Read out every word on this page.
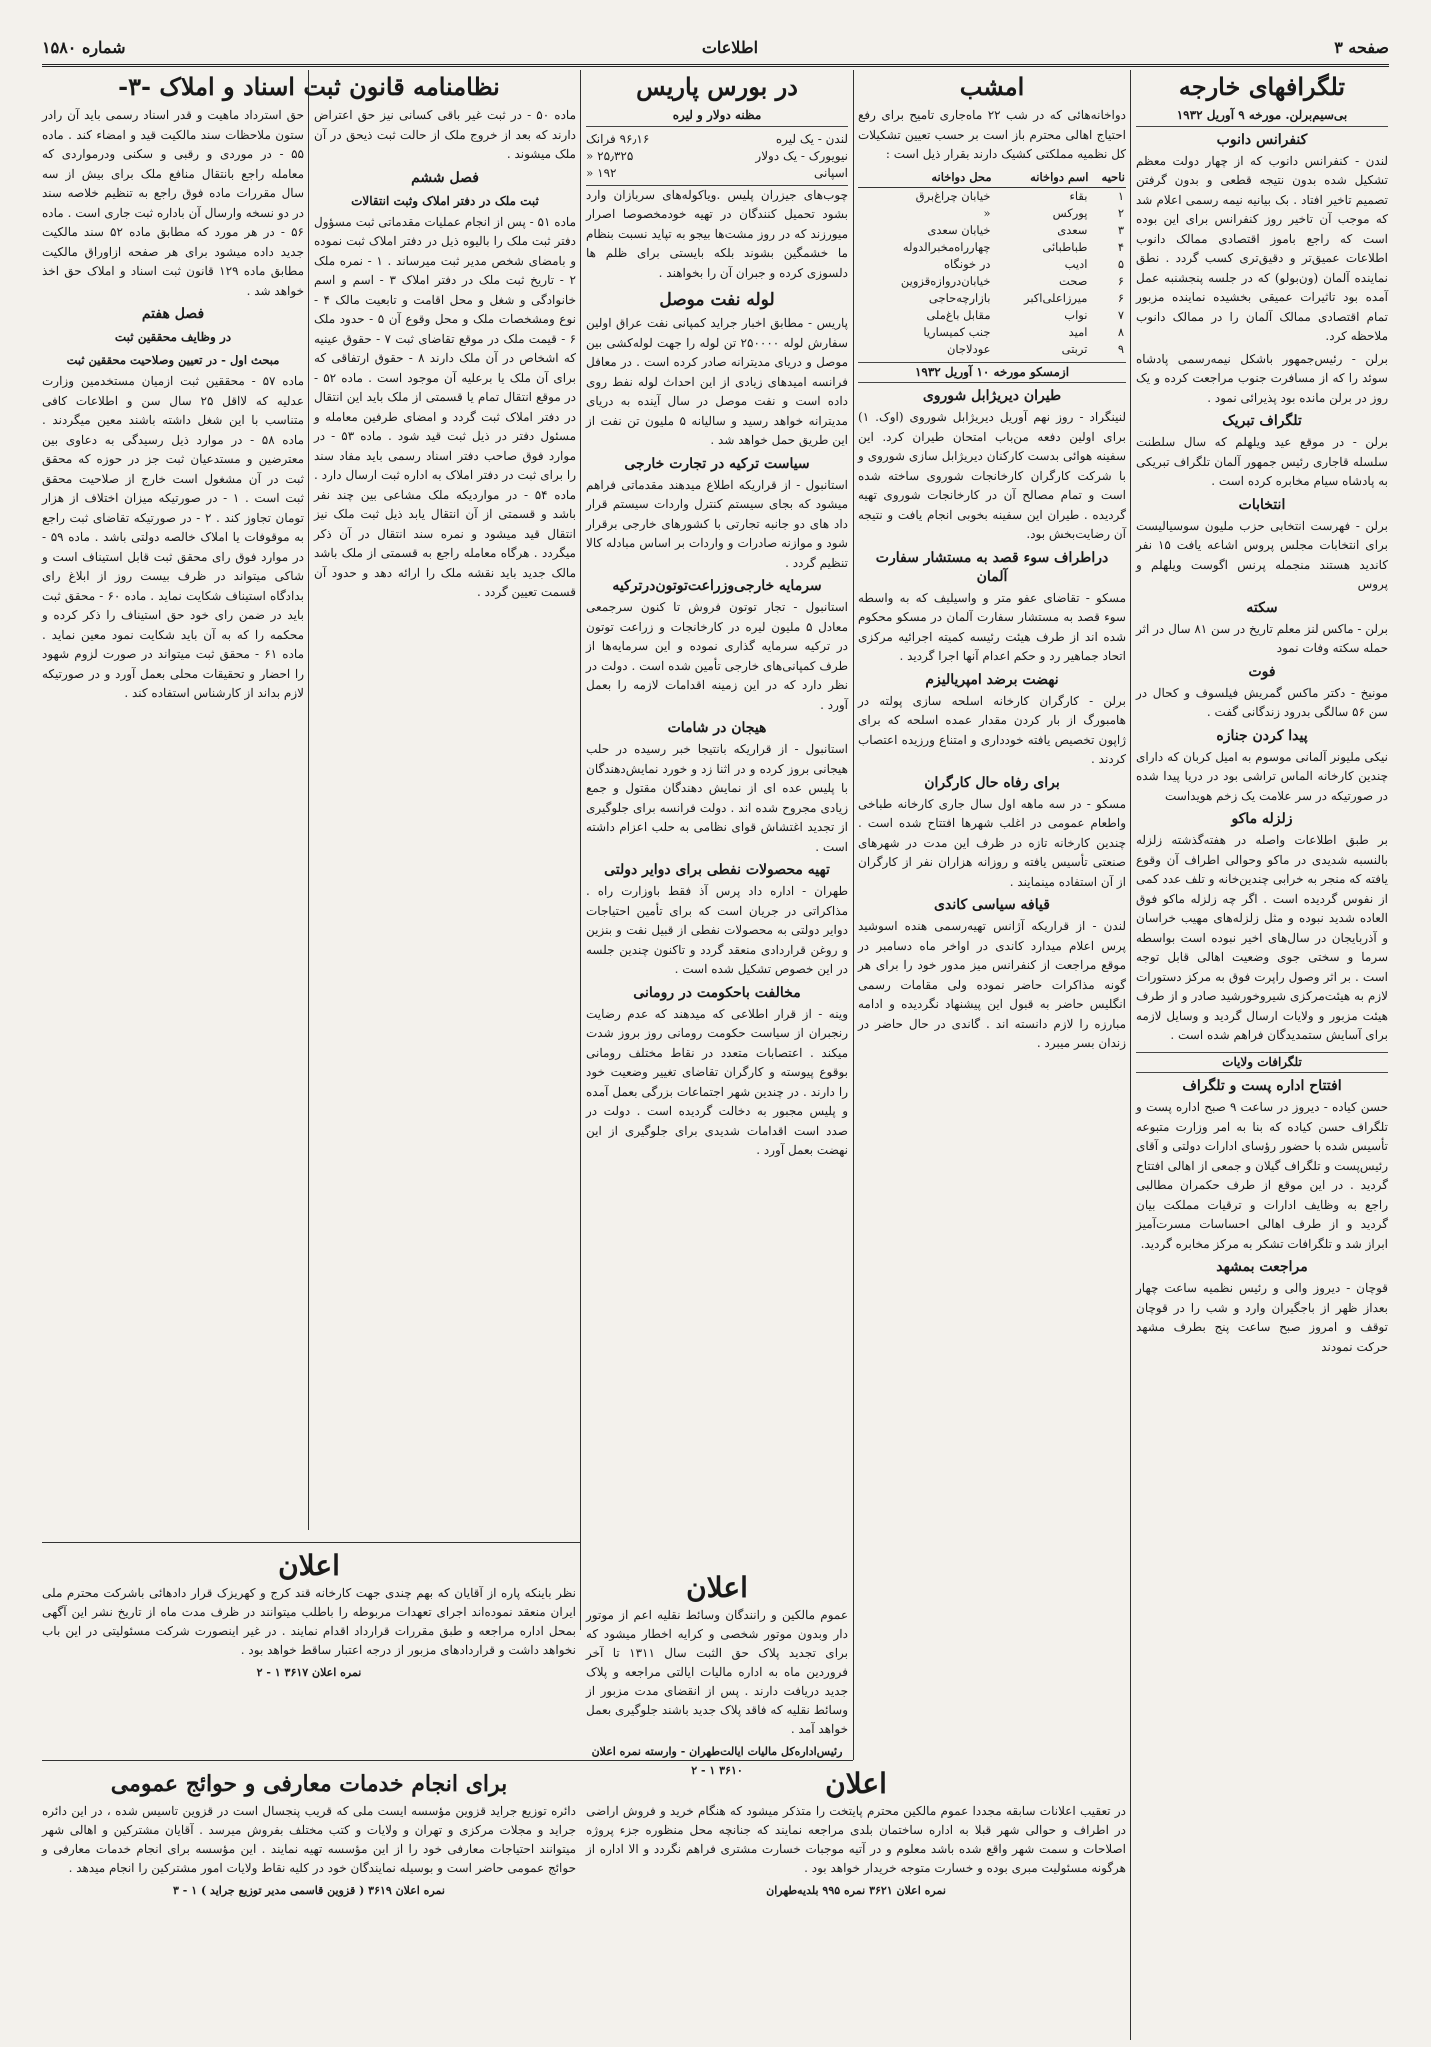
صفحه ۳
اطلاعات
شماره ۱۵۸۰
تلگرافهای خارجه
بی‌سیم‌برلن. مورخه ۹ آوریل ۱۹۳۲
کنفرانس دانوب

لندن - کنفرانس دانوب که از چهار دولت معظم تشکیل شده بدون نتیجه قطعی و بدون گرفتن تصمیم تاخیر افتاد . بک بیانیه نیمه رسمی اعلام شد که موجب آن تاخیر روز کنفرانس برای این بوده است که راجع باموز اقتصادی ممالک دانوب اطلاعات عمیق‌تر و دقیق‌تری کسب گردد . نطق نماینده آلمان (ون‌بولو) که در جلسه پنجشنبه عمل آمده بود تاثیرات عمیقی بخشیده نماینده مزبور تمام اقتصادی ممالک آلمان را در ممالک دانوب ملاحظه کرد.

برلن - رئیس‌جمهور باشکل نیمه‌رسمی پادشاه سوئد را که از مسافرت جنوب مراجعت کرده و یک روز در برلن مانده بود پذیرائی نمود .

تلگراف تبریک

برلن - در موقع عید ویلهلم که سال سلطنت سلسله قاجاری رئیس جمهور آلمان تلگراف تبریکی به پادشاه سیام مخابره کرده است .

انتخابات

برلن - فهرست انتخابی حزب ملیون سوسیالیست برای انتخابات مجلس پروس اشاعه یافت ۱۵ نفر کاندید هستند منجمله پرنس اگوست ویلهلم و پروس

سکته

برلن - ماکس لنز معلم تاریخ در سن ۸۱ سال در اثر حمله سکته وفات نمود

فوت

مونیخ - دکتر ماکس گمریش فیلسوف و کحال در سن ۵۶ سالگی بدرود زندگانی گفت .

پیدا کردن جنازه

نیکی ملیونر آلمانی موسوم به امیل کربان که دارای چندین کارخانه الماس تراشی بود در دریا پیدا شده در صورتیکه در سر علامت یک زخم هویداست

زلزله ماکو

بر طبق اطلاعات واصله در هفته‌گذشته زلزله بالنسبه شدیدی در ماکو وحوالی اطراف آن وقوع یافته که منجر به خرابی چندین‌خانه و تلف عدد کمی از نفوس گردیده است . اگر چه زلزله ماکو فوق العاده شدید نبوده و مثل زلزله‌های مهیب خراسان و آذربایجان در سال‌های اخیر نبوده است بواسطه سرما و سختی جوی وضعیت اهالی قابل توجه است . بر اثر وصول راپرت فوق به مرکز دستورات لازم به هیئت‌مرکزی شیرو‌خورشید صادر و از طرف هیئت مزبور و ولایات ارسال گردید و وسایل لازمه برای آسایش ستمدیدگان فراهم شده است .

تلگرافات ولایات
افتتاح اداره پست و تلگراف

حسن کیاده - دیروز در ساعت ۹ صبح اداره پست و تلگراف حسن کیاده که بنا به امر وزارت متبوعه تأسیس شده با حضور رؤسای ادارات دولتی و آقای رئیس‌پست و تلگراف گیلان و جمعی از اهالی افتتاح گردید . در این موقع از طرف حکمران مطالبی راجع به وظایف ادارات و ترقیات مملکت بیان گردید و از طرف اهالی احساسات مسرت‌آمیز ابراز شد و تلگرافات تشکر به مرکز مخابره گردید.

مراجعت بمشهد

قوچان - دیروز والی و رئیس نظمیه ساعت چهار بعداز ظهر از باجگیران وارد و شب را در قوچان توقف و امروز صبح ساعت پنج بطرف مشهد حرکت نمودند

امشب

دواخانه‌هائی که در شب ۲۲ ماه‌جاری تامیح برای رفع احتیاج اهالی محترم باز است بر حسب تعیین تشکیلات کل نظمیه مملکتی کشیک دارند بقرار ذیل است :

ناحیه	اسم دواخانه	محل دواخانه
۱	بقاء	خیابان چراغ‌برق
۲	پورکس	«
۳	سعدی	خیابان سعدی
۴	طباطبائی	چهارراه‌مخبرالدوله
۵	ادیب	در خونگاه
۶	صحت	خیابان‌دروازه‌قزوین
۶	میرزاعلی‌اکبر	بازارچه‌حاجی
۷	نواب	مقابل باغ‌ملی
۸	امید	جنب کمیساریا
۹	تربتی	عودلاجان
ازمسکو مورخه ۱۰ آوریل ۱۹۳۲
طیران دیریژابل شوروی

لنینگراد - روز نهم آوریل دیریژابل شوروی (اوک. ۱) برای اولین دفعه من‌باب امتحان طیران کرد. این سفینه هوائی بدست کارکنان دیریژابل سازی شوروی و با شرکت کارگران کارخانجات شوروی ساخته شده است و تمام مصالح آن در کارخانجات شوروی تهیه گردیده . طیران این سفینه بخوبی انجام یافت و نتیجه آن رضایت‌بخش بود.

دراطراف سوء قصد به مستشار سفارت آلمان

مسکو - تقاضای عفو متر و واسیلیف که به واسطه سوء قصد به مستشار سفارت آلمان در مسکو محکوم شده اند از طرف هیئت رئیسه کمیته اجرائیه مرکزی اتحاد جماهیر رد و حکم اعدام آنها اجرا گردید .

نهضت برضد امپریالیزم

برلن - کارگران کارخانه اسلحه سازی پولته در هامبورگ از بار کردن مقدار عمده اسلحه که برای ژاپون تخصیص یافته خودداری و امتناع ورزیده اعتصاب کردند .

برای رفاه حال کارگران

مسکو - در سه ماهه اول سال جاری کارخانه طباخی واطعام عمومی در اغلب شهرها افتتاح شده است . چندین کارخانه تازه در ظرف این مدت در شهرهای صنعتی تأسیس یافته و روزانه هزاران نفر از کارگران از آن استفاده مینمایند .

قیافه سیاسی کاندی

لندن - از قراریکه آژانس تهیه‌رسمی هنده اسوشید پرس اعلام میدارد کاندی در اواخر ماه دسامبر در موقع مراجعت از کنفرانس میز مدور خود را برای هر گونه مذاکرات حاضر نموده ولی مقامات رسمی انگلیس حاضر به قبول این پیشنهاد نگردیده و ادامه مبارزه را لازم دانسته اند . گاندی در حال حاضر در زندان بسر میبرد .

در بورس پاریس
مظنه دولار و لیره
لندن - یک لیره
۹۶٫۱۶ فرانک
نیویورک - یک دولار
۲۵٫۳۲۵ «
اسپانی
۱۹۲ «

چوب‌های جیزران پلیس .ویاکوله‌های سربازان وارد بشود تحمیل کنندگان در تهیه خودمخصوصا اصرار میورزند که در روز مشت‌ها بیجو به تپاید نسبت بنظام ما خشمگین بشوند بلکه بایستی برای ظلم ها دلسوزی کرده و جبران آن را بخواهند .

لوله نفت موصل

پاریس - مطابق اخبار جراید کمپانی نفت عراق اولین سفارش لوله ۲۵۰۰۰۰ تن لوله را جهت لوله‌کشی بین موصل و دریای مدیترانه صادر کرده است . در معافل فرانسه امیدهای زیادی از این احداث لوله نفط روی‌ داده است و نفت موصل در سال آینده به دریای مدیترانه خواهد رسید و سالیانه ۵ ملیون تن نفت از این طریق حمل خواهد شد .

سیاست ترکیه در تجارت خارجی

استانبول - از قراریکه اطلاع میدهند مقدماتی فراهم میشود که بجای سیستم کنترل واردات سیستم قرار داد های دو جانبه تجارتی با کشورهای خارجی برقرار شود و موازنه صادرات و واردات بر اساس مبادله کالا تنظیم گردد .

سرمایه خارجی‌وزراعت‌توتون‌درترکیه

استانبول - تجار توتون فروش تا کنون سرجمعی معادل ۵ ملیون لیره در کارخانجات و زراعت توتون در ترکیه سرمایه گذاری نموده و این سرمایه‌ها از طرف کمپانی‌های خارجی تأمین شده است . دولت در نظر دارد که در این زمینه اقدامات لازمه را بعمل آورد .

هیجان در شامات

استانبول - از قراریکه بانتیجا خبر رسیده در حلب هیجانی بروز کرده و در اثنا زد و خورد نمایش‌دهندگان با پلیس عده ای از نمایش دهندگان مقتول و جمع زیادی مجروح شده اند . دولت فرانسه برای جلوگیری از تجدید اغتشاش قوای نظامی به حلب اعزام داشته است .

تهیه محصولات نفطی برای دوایر دولتی

طهران - اداره داد پرس آذ فقط باوزارت راه . مذاکراتی در جریان است که برای تأمین احتیاجات دوایر دولتی به محصولات نفطی از قبیل نفت و بنزین و روغن قراردادی منعقد گردد و تاکنون چندین جلسه در این خصوص تشکیل شده است .

مخالفت باحکومت در رومانی

وینه - از قرار اطلاعی که میدهند که عدم رضایت رنجبران از سیاست حکومت رومانی روز بروز شدت میکند . اعتصابات متعدد در نقاط مختلف رومانی بوقوع پیوسته و کارگران تقاضای تغییر وضعیت خود را دارند . در چندین شهر اجتماعات بزرگی بعمل آمده و پلیس مجبور به دخالت گردیده است . دولت در صدد است اقدامات شدیدی برای جلوگیری از این نهضت بعمل آورد .

نظامنامه قانون ثبت اسناد و املاک -۳-

ماده ۵۰ - در ثبت غیر باقی کسانی نیز حق اعتراض دارند که بعد از خروج ملک از حالت ثبت ذیحق در آن ملک میشوند .

فصل ششم
ثبت ملک در دفتر املاک وثبت انتقالات

ماده ۵۱ - پس از انجام عملیات مقدماتی ثبت مسؤول دفتر ثبت ملک را بالیوه ذیل در دفتر املاک ثبت نموده و بامضای شخص مدیر ثبت میرساند . ۱ - نمره ملک ۲ - تاریخ ثبت ملک در دفتر املاک ۳ - اسم و اسم خانوادگی و شغل و محل اقامت و تابعیت مالک ۴ - نوع ومشخصات ملک و محل وقوع آن ۵ - حدود ملک ۶ - قیمت ملک در موقع تقاضای ثبت ۷ - حقوق عینیه که اشخاص در آن ملک دارند ۸ - حقوق ارتفاقی که برای آن ملک یا برعلیه آن موجود است . ماده ۵۲ - در موقع انتقال تمام یا قسمتی از ملک باید این انتقال در دفتر املاک ثبت گردد و امضای طرفین معامله و مسئول دفتر در ذیل ثبت قید شود . ماده ۵۳ - در موارد فوق صاحب دفتر اسناد رسمی باید مفاد سند را برای ثبت در دفتر املاک به اداره ثبت ارسال دارد . ماده ۵۴ - در مواردیکه ملک مشاعی بین چند نفر باشد و قسمتی از آن انتقال یابد ذیل ثبت ملک نیز انتقال قید میشود و نمره سند انتقال در آن ذکر میگردد . هرگاه معامله راجع به قسمتی از ملک باشد مالک جدید باید نقشه ملک را ارائه دهد و حدود آن قسمت تعیین گردد .

حق استرداد ماهیت و قدر اسناد رسمی باید آن رادر ستون ملاحظات سند مالکیت قید و امضاء کند . ماده ۵۵ - در موردی و رقبی و سکنی ودرمواردی که معامله راجع بانتقال منافع ملک برای بیش از سه سال مقررات ماده فوق راجع به تنظیم خلاصه سند در دو نسخه وارسال آن باداره ثبت جاری است . ماده ۵۶ - در هر مورد که مطابق ماده ۵۲ سند مالکیت جدید داده میشود برای هر صفحه ازاوراق مالکیت مطابق ماده ۱۲۹ قانون ثبت اسناد و املاک حق اخذ خواهد شد .

فصل هفتم
در وظایف محققین ثبت
مبحث اول - در تعیین وصلاحیت محققین ثبت

ماده ۵۷ - محققین ثبت ازمیان مستخدمین وزارت عدلیه که لااقل ۲۵ سال سن و اطلاعات کافی متناسب با این شغل داشته باشند معین میگردند . ماده ۵۸ - در موارد ذیل رسیدگی به دعاوی بین معترضین و مستدعیان ثبت جز در حوزه که محقق ثبت در آن مشغول است خارج از صلاحیت محقق ثبت است . ۱ - در صورتیکه میزان اختلاف از هزار تومان تجاوز کند . ۲ - در صورتیکه تقاضای ثبت راجع به موقوفات یا املاک خالصه دولتی باشد . ماده ۵۹ - در موارد فوق رای محقق ثبت قابل استیناف است و شاکی میتواند در ظرف بیست روز از ابلاغ رای بدادگاه استیناف شکایت نماید . ماده ۶۰ - محقق ثبت باید در ضمن رای خود حق استیناف را ذکر کرده و محکمه را که به آن باید شکایت نمود معین نماید . ماده ۶۱ - محقق ثبت میتواند در صورت لزوم شهود را احضار و تحقیقات محلی بعمل آورد و در صورتیکه لازم بداند از کارشناس استفاده کند .

اعلان

نظر باینکه پاره از آقایان که بهم چندی جهت کارخانه قند کرج و کهریزک قرار دادهائی باشرکت محترم ملی ایران منعقد نموده‌اند اجرای تعهدات مربوطه را باطلب میتوانند در ظرف مدت ماه از تاریخ نشر این آگهی بمحل اداره مراجعه و طبق مقررات قرارداد اقدام نمایند . در غیر اینصورت شرکت مسئولیتی در این باب نخواهد داشت و قراردادهای مزبور از درجه اعتبار ساقط خواهد بود .

نمره اعلان ۳۶۱۷ ۱ - ۲
اعلان

عموم مالکین و رانندگان وسائط نقلیه اعم از موتور دار وبدون موتور شخصی و کرایه اخطار میشود که برای تجدید پلاک حق الثبت سال ۱۳۱۱ تا آخر فروردین ماه به اداره مالیات ایالتی مراجعه و پلاک جدید دریافت دارند . پس از انقضای مدت مزبور از وسائط نقلیه که فاقد پلاک جدید باشند جلوگیری بعمل خواهد آمد .

رئیس‌اداره‌کل مالیات ایالت‌طهران - وارسته نمره اعلان ۳۶۱۰ ۱ - ۲
برای انجام خدمات معارفی و حوائج عمومی

دائره توزیع جراید قزوین مؤسسه ایست ملی که قریب پنجسال است در قزوین تاسیس شده ، در این دائره جراید و مجلات مرکزی و تهران و ولایات و کتب مختلف بفروش میرسد . آقایان مشترکین و اهالی شهر میتوانند احتیاجات معارفی خود را از این مؤسسه تهیه نمایند . این مؤسسه برای انجام خدمات معارفی و حوائج عمومی حاضر است و بوسیله نمایندگان خود در کلیه نقاط ولایات امور مشترکین را انجام میدهد .

نمره اعلان ۳۶۱۹ ( قزوین قاسمی مدیر توزیع جراید ) ۱ - ۳
اعلان

در تعقیب اعلانات سابقه مجددا عموم مالکین محترم پایتخت را متذکر میشود که هنگام خرید و فروش اراضی در اطراف و حوالی شهر قبلا به اداره ساختمان بلدی مراجعه نمایند که جنانچه محل منظوره جزء پروژه اصلاحات و سمت شهر واقع شده باشد معلوم و در آتیه موجبات خسارت مشتری فراهم نگردد و الا اداره از هرگونه مسئولیت مبری بوده و خسارت متوجه خریدار خواهد بود .

نمره اعلان ۳۶۲۱ نمره ۹۹۵ بلدیه‌طهران
